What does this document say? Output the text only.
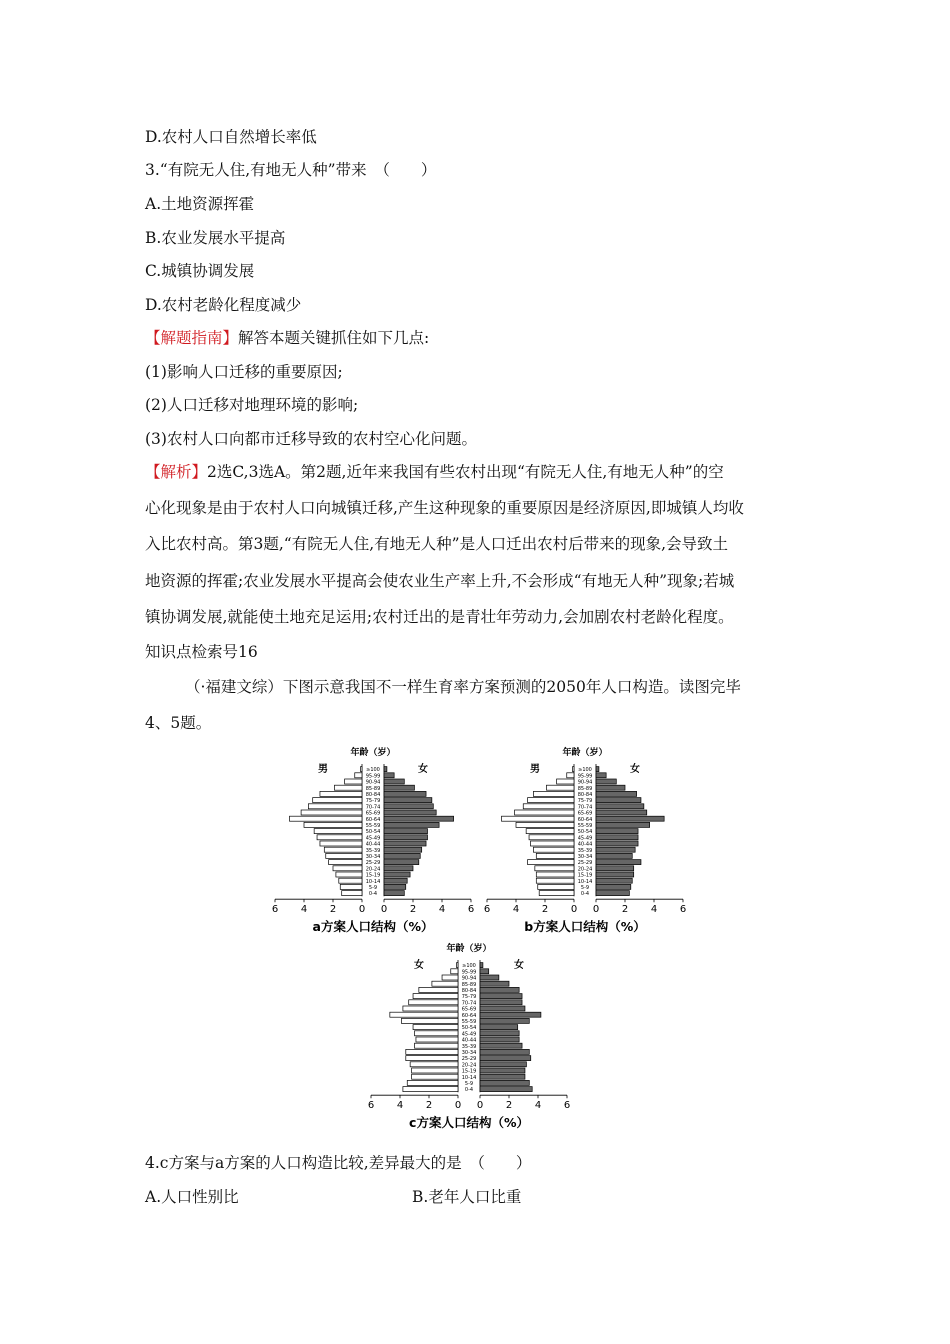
D.农村人口自然增长率低
3.“有院无人住,有地无人种”带来　（　　）
A.土地资源挥霍
B.农业发展水平提高
C.城镇协调发展
D.农村老龄化程度减少
【解题指南】解答本题关键抓住如下几点:
(1)影响人口迁移的重要原因;
(2)人口迁移对地理环境的影响;
(3)农村人口向都市迁移导致的农村空心化问题。
【解析】2选C,3选A。第2题,近年来我国有些农村出现“有院无人住,有地无人种”的空
心化现象是由于农村人口向城镇迁移,产生这种现象的重要原因是经济原因,即城镇人均收
入比农村高。第3题,“有院无人住,有地无人种”是人口迁出农村后带来的现象,会导致土
地资源的挥霍;农业发展水平提高会使农业生产率上升,不会形成“有地无人种”现象;若城
镇协调发展,就能使土地充足运用;农村迁出的是青壮年劳动力,会加剧农村老龄化程度。
知识点检索号16
（·福建文综）下图示意我国不一样生育率方案预测的2050年人口构造。读图完毕
4、5题。
年龄（岁）
男	女
0-4
5-9
10-14
15-19
20-24
25-29
30-34
35-39
40-44
45-49
50-54
55-59
60-64
65-69
70-74
75-79
80-84
85-89
90-94
95-99
≥100
6 4 2 0 0 2 4 6
a方案人口结构（%）
年龄（岁）
男	女
0-4
5-9
10-14
15-19
20-24
25-29
30-34
35-39
40-44
45-49
50-54
55-59
60-64
65-69
70-74
75-79
80-84
85-89
90-94
95-99
≥100
6 4 2 0 0 2 4 6
b方案人口结构（%）
年龄（岁）
女	女
0-4
5-9
10-14
15-19
20-24
25-29
30-34
35-39
40-44
45-49
50-54
55-59
60-64
65-69
70-74
75-79
80-84
85-89
90-94
95-99
≥100
6 4 2 0 0 2 4 6
c方案人口结构（%）
4.c方案与a方案的人口构造比较,差异最大的是　（　　）
A.人口性别比	B.老年人口比重
